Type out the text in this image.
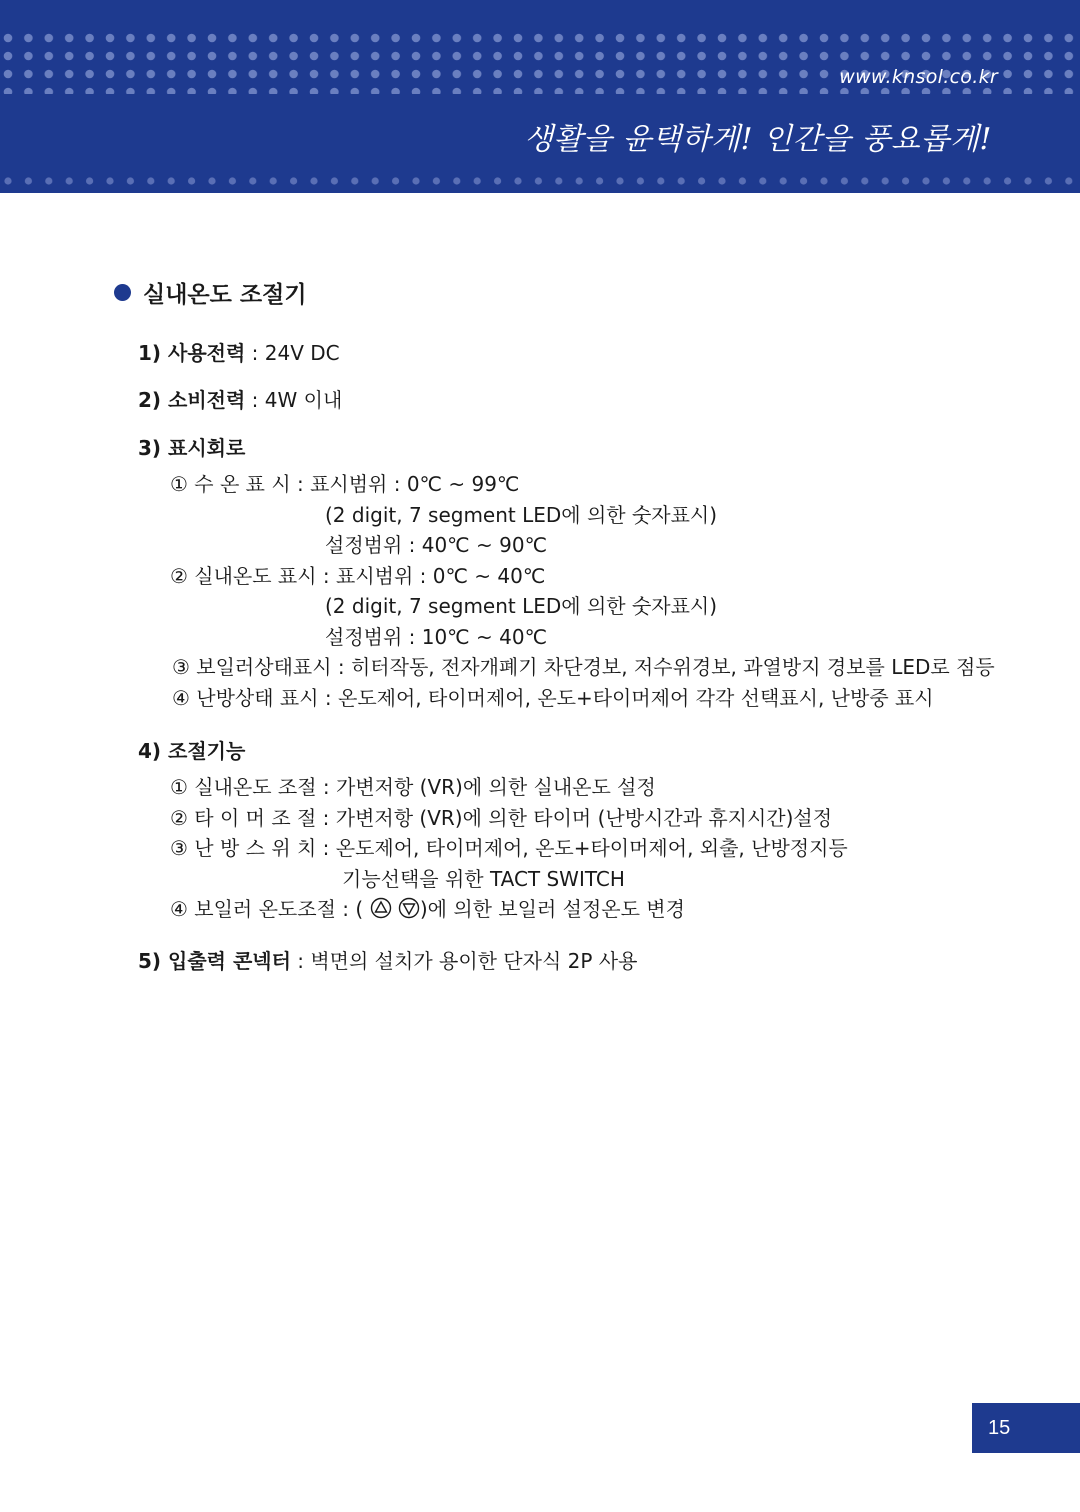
www.knsol.co.kr
생활을 윤택하게! 인간을 풍요롭게!
실내온도 조절기
1) 사용전력 : 24V DC
2) 소비전력 : 4W 이내
3) 표시회로
① 수 온 표 시 : 표시범위 : 0℃ ~ 99℃
(2 digit, 7 segment LED에 의한 숫자표시)
설정범위 : 40℃ ~ 90℃
② 실내온도 표시 : 표시범위 : 0℃ ~ 40℃
(2 digit, 7 segment LED에 의한 숫자표시)
설정범위 : 10℃ ~ 40℃
③ 보일러상태표시 : 히터작동, 전자개폐기 차단경보, 저수위경보, 과열방지 경보를 LED로 점등
④ 난방상태 표시 : 온도제어, 타이머제어, 온도+타이머제어 각각 선택표시, 난방중 표시
4) 조절기능
① 실내온도 조절 : 가변저항 (VR)에 의한 실내온도 설정
② 타 이 머 조 절 : 가변저항 (VR)에 의한 타이머 (난방시간과 휴지시간)설정
③ 난 방 스 위 치 : 온도제어, 타이머제어, 온도+타이머제어, 외출, 난방정지등
기능선택을 위한 TACT SWITCH
④ 보일러 온도조절 : (	)에 의한 보일러 설정온도 변경
5) 입출력 콘넥터 : 벽면의 설치가 용이한 단자식 2P 사용
15
